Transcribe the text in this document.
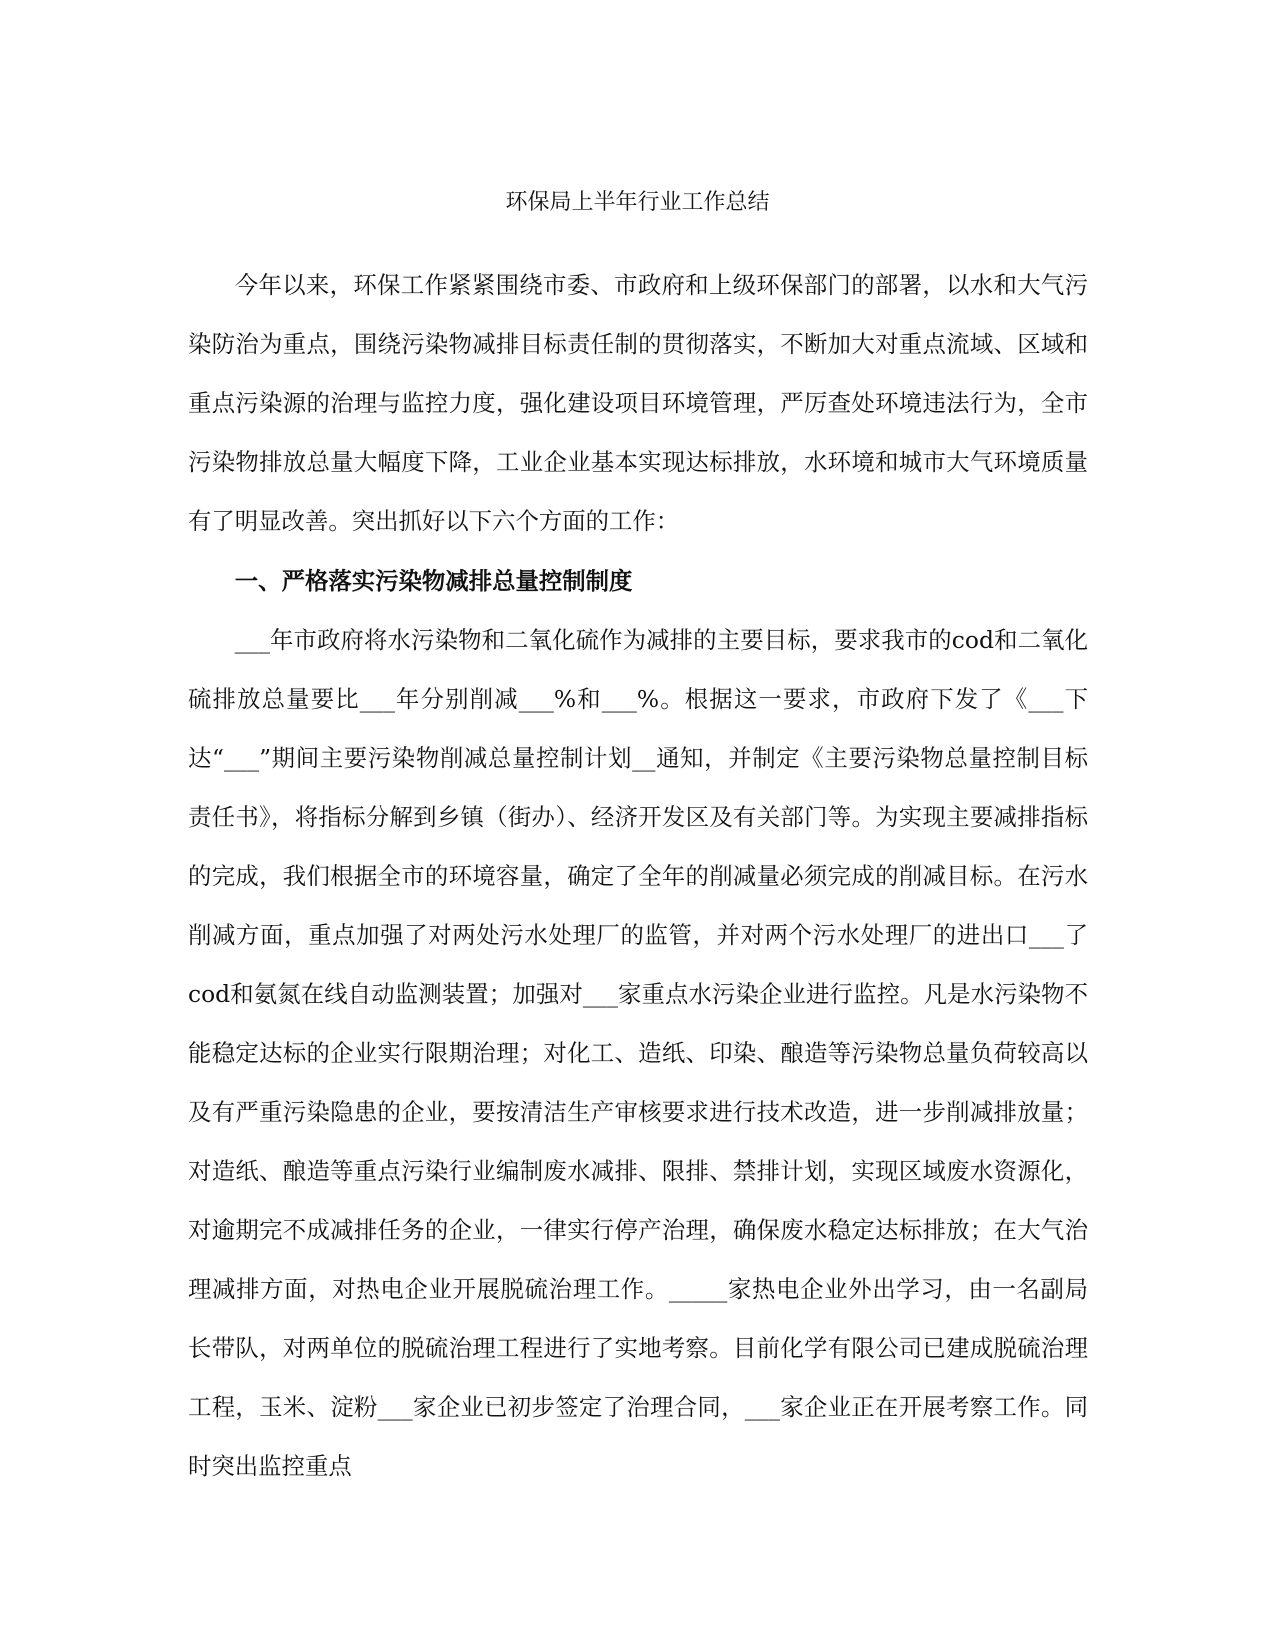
环保局上半年行业工作总结

今年以来，环保工作紧紧围绕市委、市政府和上级环保部门的部署，以水和大气污染防治为重点，围绕污染物减排目标责任制的贯彻落实，不断加大对重点流域、区域和重点污染源的治理与监控力度，强化建设项目环境管理，严厉查处环境违法行为，全市污染物排放总量大幅度下降，工业企业基本实现达标排放，水环境和城市大气环境质量有了明显改善。突出抓好以下六个方面的工作：

一、严格落实污染物减排总量控制制度

___年市政府将水污染物和二氧化硫作为减排的主要目标，要求我市的cod和二氧化硫排放总量要比___年分别削减___%和___%。根据这一要求，市政府下发了《___下达“___”期间主要污染物削减总量控制计划__通知，并制定《主要污染物总量控制目标责任书》，将指标分解到乡镇（街办）、经济开发区及有关部门等。为实现主要减排指标的完成，我们根据全市的环境容量，确定了全年的削减量必须完成的削减目标。在污水削减方面，重点加强了对两处污水处理厂的监管，并对两个污水处理厂的进出口___了cod和氨氮在线自动监测装置；加强对___家重点水污染企业进行监控。凡是水污染物不能稳定达标的企业实行限期治理；对化工、造纸、印染、酿造等污染物总量负荷较高以及有严重污染隐患的企业，要按清洁生产审核要求进行技术改造，进一步削减排放量；对造纸、酿造等重点污染行业编制废水减排、限排、禁排计划，实现区域废水资源化，对逾期完不成减排任务的企业，一律实行停产治理，确保废水稳定达标排放；在大气治理减排方面，对热电企业开展脱硫治理工作。_____家热电企业外出学习，由一名副局长带队，对两单位的脱硫治理工程进行了实地考察。目前化学有限公司已建成脱硫治理工程，玉米、淀粉___家企业已初步签定了治理合同，___家企业正在开展考察工作。同时突出监控重点
